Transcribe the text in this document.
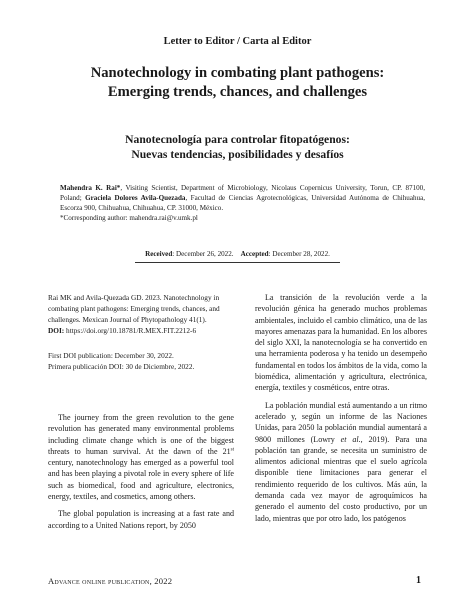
Letter to Editor / Carta al Editor
Nanotechnology in combating plant pathogens:
Emerging trends, chances, and challenges
Nanotecnología para controlar fitopatógenos:
Nuevas tendencias, posibilidades y desafíos
Mahendra K. Rai*, Visiting Scientist, Department of Microbiology, Nicolaus Copernicus University, Torun, CP. 87100, Poland; Graciela Dolores Avila-Quezada, Facultad de Ciencias Agrotecnológicas, Universidad Autónoma de Chihuahua, Escorza 900, Chihuahua, Chihuahua, CP. 31000, México.
*Corresponding author: mahendra.rai@v.umk.pl
Received: December 26, 2022. Accepted: December 28, 2022.
Rai MK and Avila-Quezada GD. 2023. Nanotechnology in combating plant pathogens: Emerging trends, chances, and challenges. Mexican Journal of Phytopathology 41(1).
DOI: https://doi.org/10.18781/R.MEX.FIT.2212-6
First DOI publication: December 30, 2022.
Primera publicación DOI: 30 de Diciembre, 2022.

The journey from the green revolution to the gene revolution has generated many environmental problems including climate change which is one of the biggest threats to human survival. At the dawn of the 21st century, nanotechnology has emerged as a powerful tool and has been playing a pivotal role in every sphere of life such as biomedical, food and agriculture, electronics, energy, textiles, and cosmetics, among others.

The global population is increasing at a fast rate and according to a United Nations report, by 2050

La transición de la revolución verde a la revolución génica ha generado muchos problemas ambientales, incluido el cambio climático, una de las mayores amenazas para la humanidad. En los albores del siglo XXI, la nanotecnología se ha convertido en una herramienta poderosa y ha tenido un desempeño fundamental en todos los ámbitos de la vida, como la biomédica, alimentación y agricultura, electrónica, energía, textiles y cosméticos, entre otras.

La población mundial está aumentando a un ritmo acelerado y, según un informe de las Naciones Unidas, para 2050 la población mundial aumentará a 9800 millones (Lowry et al., 2019). Para una población tan grande, se necesita un suministro de alimentos adicional mientras que el suelo agrícola disponible tiene limitaciones para generar el rendimiento requerido de los cultivos. Más aún, la demanda cada vez mayor de agroquímicos ha generado el aumento del costo productivo, por un lado, mientras que por otro lado, los patógenos

Advance online publication, 2022	1
